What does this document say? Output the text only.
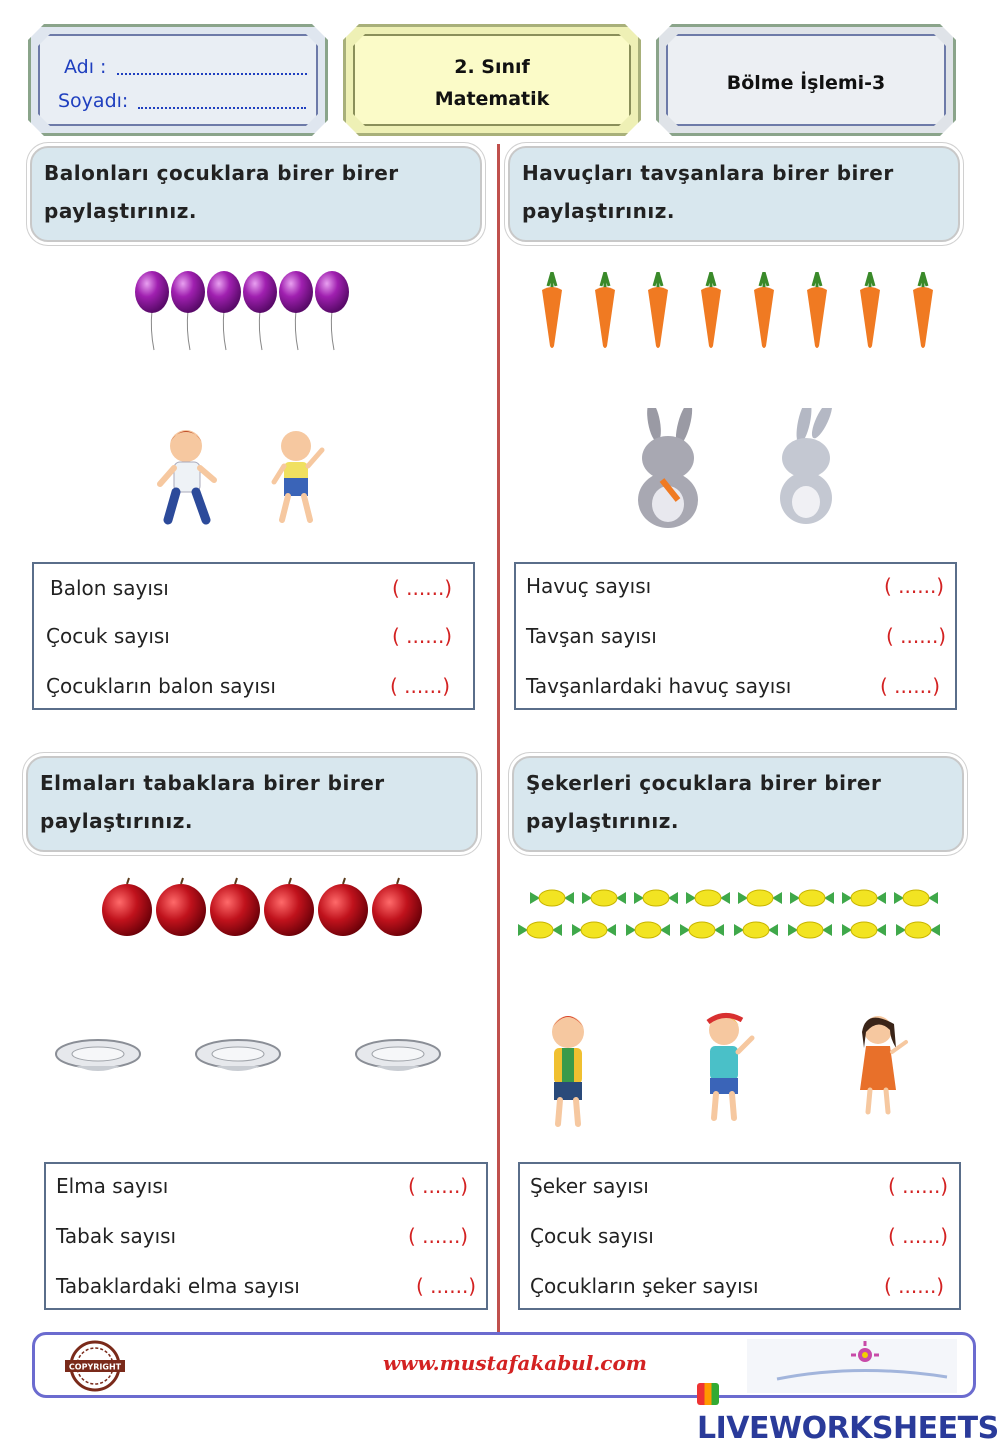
Adı :
Soyadı:
2. Sınıf
Matematik
Bölme İşlemi-3
Balonları çocuklara birer birer paylaştırınız.
Balon sayısı	( ......)
Çocuk sayısı	( ......)
Çocukların balon sayısı	( ......)
Havuçları tavşanlara birer birer paylaştırınız.
Havuç sayısı	( ......)
Tavşan sayısı	( ......)
Tavşanlardaki havuç sayısı	( ......)
Elmaları tabaklara birer birer paylaştırınız.
Elma sayısı	( ......)
Tabak sayısı	( ......)
Tabaklardaki elma sayısı	( ......)
Şekerleri çocuklara birer birer paylaştırınız.
Şeker sayısı	( ......)
Çocuk sayısı	( ......)
Çocukların şeker sayısı	( ......)
COPYRIGHT	www.mustafakabul.com
LIVEWORKSHEETS
